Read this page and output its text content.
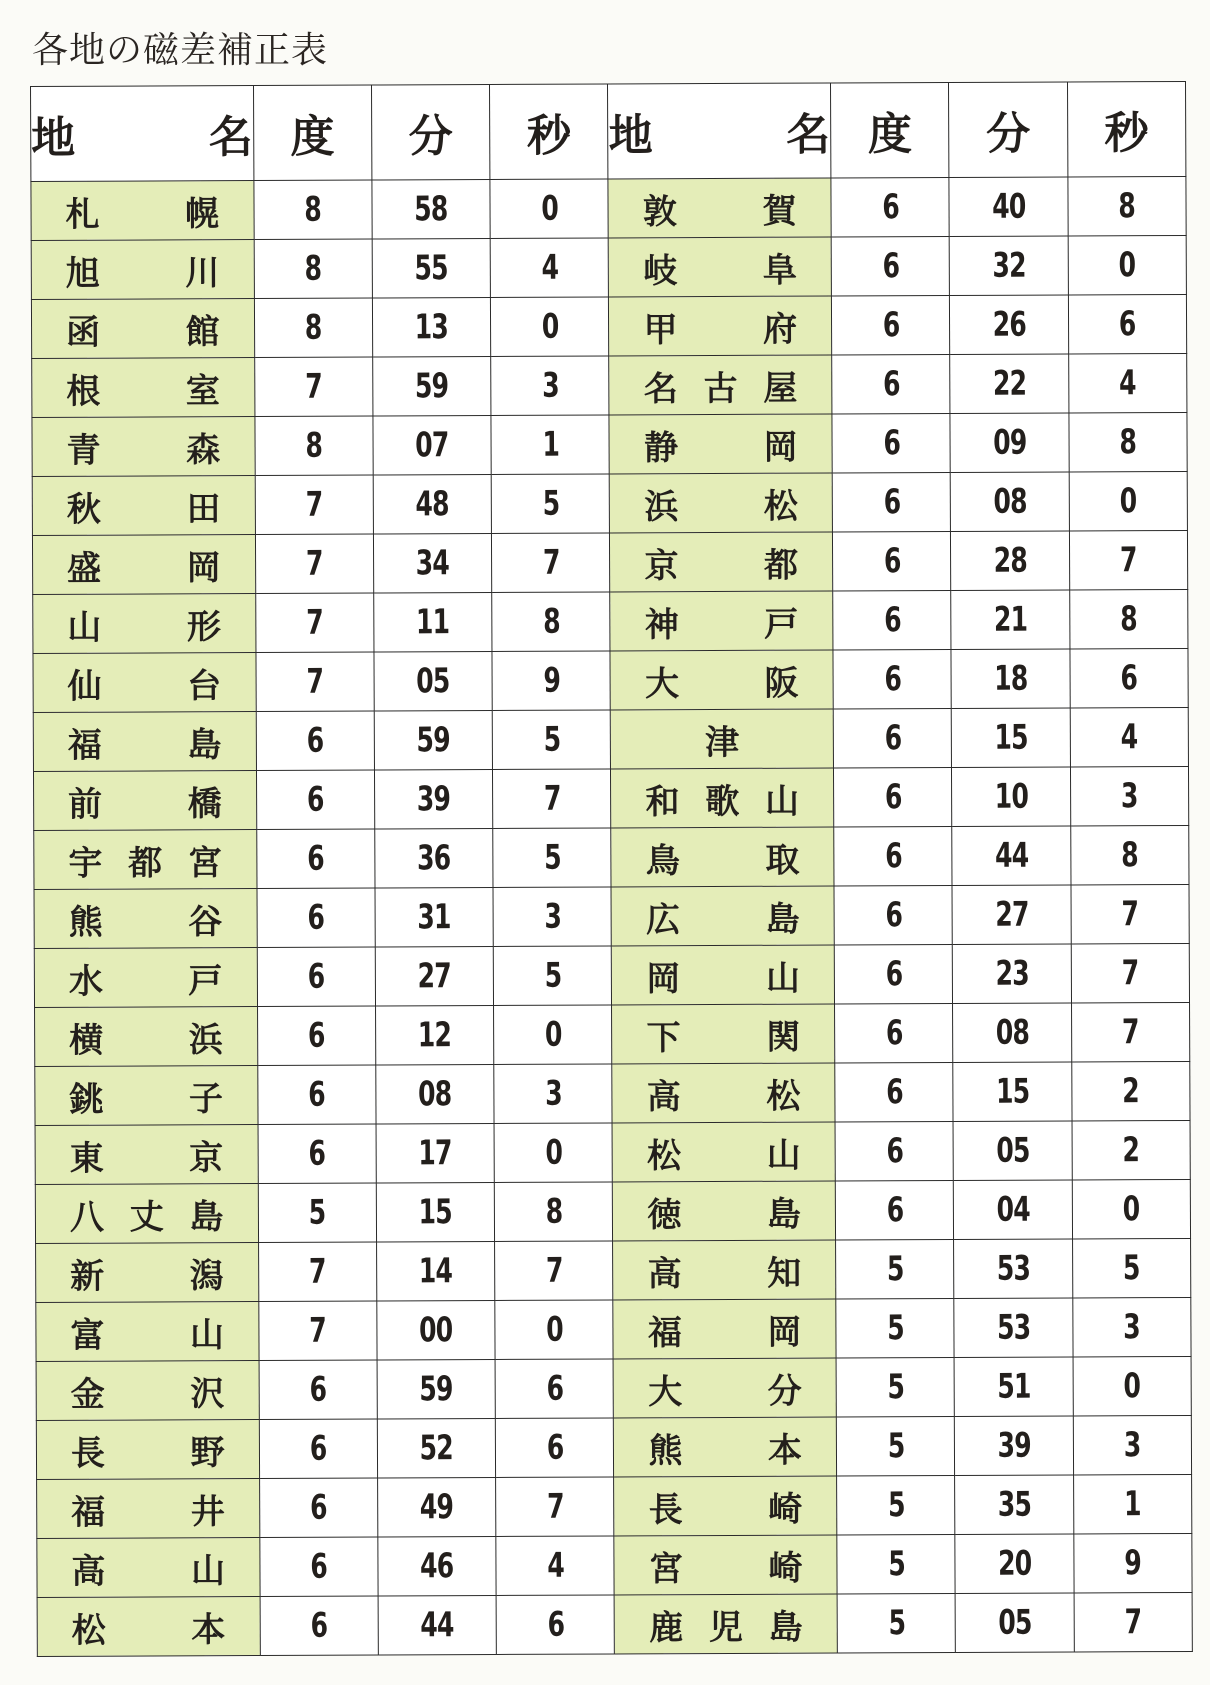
各地の磁差補正表
地 名	度	分	秒	地 名	度	分	秒
札 幌	8	58	0	敦 賀	6	40	8
旭 川	8	55	4	岐 阜	6	32	0
函 館	8	13	0	甲 府	6	26	6
根 室	7	59	3	名 古 屋	6	22	4
青 森	8	07	1	静 岡	6	09	8
秋 田	7	48	5	浜 松	6	08	0
盛 岡	7	34	7	京 都	6	28	7
山 形	7	11	8	神 戸	6	21	8
仙 台	7	05	9	大 阪	6	18	6
福 島	6	59	5	津	6	15	4
前 橋	6	39	7	和 歌 山	6	10	3
宇 都 宮	6	36	5	鳥 取	6	44	8
熊 谷	6	31	3	広 島	6	27	7
水 戸	6	27	5	岡 山	6	23	7
横 浜	6	12	0	下 関	6	08	7
銚 子	6	08	3	高 松	6	15	2
東 京	6	17	0	松 山	6	05	2
八 丈 島	5	15	8	徳 島	6	04	0
新 潟	7	14	7	高 知	5	53	5
富 山	7	00	0	福 岡	5	53	3
金 沢	6	59	6	大 分	5	51	0
長 野	6	52	6	熊 本	5	39	3
福 井	6	49	7	長 崎	5	35	1
高 山	6	46	4	宮 崎	5	20	9
松 本	6	44	6	鹿 児 島	5	05	7
